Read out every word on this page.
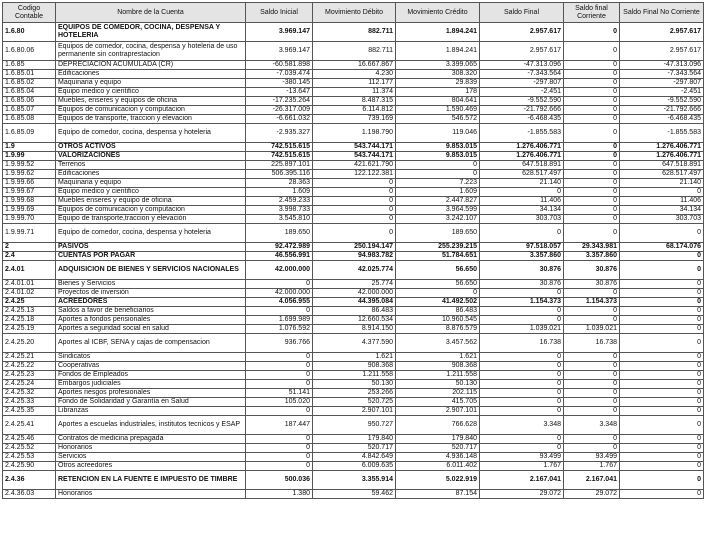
Codigo Contable	Nombre de la Cuenta	Saldo Inicial	Movimiento Débito	Movimiento Crédito	Saldo Final	Saldo final Corriente	Saldo Final No Corriente
1.6.80	EQUIPOS DE COMEDOR, COCINA, DESPENSA Y HOTELERIA	3.969.147	882.711	1.894.241	2.957.617	0	2.957.617
1.6.80.06	Equipos de comedor, cocina, despensa y hoteleria de uso permanente sin contraprestacion	3.969.147	882.711	1.894.241	2.957.617	0	2.957.617
1.6.85	DEPRECIACION ACUMULADA (CR)	-60.581.898	16.667.867	3.399.065	-47.313.096	0	-47.313.096
1.6.85.01	Edificaciones	-7.039.474	4.230	308.320	-7.343.564	0	-7.343.564
1.6.85.02	Maquinaria y equipo	-380.145	112.177	29.839	-297.807	0	-297.807
1.6.85.04	Equipo medico y cientifico	-13.647	11.374	178	-2.451	0	-2.451
1.6.85.06	Muebles, enseres y equipos de oficina	-17.235.264	8.487.315	804.641	-9.552.590	0	-9.552.590
1.6.85.07	Equipos de comunicacion y computacion	-26.317.009	6.114.812	1.590.469	-21.792.666	0	-21.792.666
1.6.85.08	Equipos de transporte, traccion y elevacion	-6.661.032	739.169	546.572	-6.468.435	0	-6.468.435
1.6.85.09	Equipo de comedor, cocina, despensa y hoteleria	-2.935.327	1.198.790	119.046	-1.855.583	0	-1.855.583
1.9	OTROS ACTIVOS	742.515.615	543.744.171	9.853.015	1.276.406.771	0	1.276.406.771
1.9.99	VALORIZACIONES	742.515.615	543.744.171	9.853.015	1.276.406.771	0	1.276.406.771
1.9.99.52	Terrenos	225.897.101	421.621.790	0	647.518.891	0	647.518.891
1.9.99.62	Edificaciones	506.395.116	122.122.381	0	628.517.497	0	628.517.497
1.9.99.66	Maquinaria y equipo	28.363	0	7.223	21.140	0	21.140
1.9.99.67	Equipo medico y cientifico	1.609	0	1.609	0	0	0
1.9.99.68	Muebles enseres y equipo de oficina	2.459.233	0	2.447.827	11.406	0	11.406
1.9.99.69	Equipos de comunicacion y computacion	3.998.733	0	3.964.599	34.134	0	34.134
1.9.99.70	Equipo de transporte,traccion y elevación	3.545.810	0	3.242.107	303.703	0	303.703
1.9.99.71	Equipo de comedor, cocina, despensa y hoteleria	189.650	0	189.650	0	0	0
2	PASIVOS	92.472.989	250.194.147	255.239.215	97.518.057	29.343.981	68.174.076
2.4	CUENTAS POR PAGAR	46.556.991	94.983.782	51.784.651	3.357.860	3.357.860	0
2.4.01	ADQUISICION DE BIENES Y SERVICIOS NACIONALES	42.000.000	42.025.774	56.650	30.876	30.876	0
2.4.01.01	Bienes y Servicios	0	25.774	56.650	30.876	30.876	0
2.4.01.02	Proyectos de inversión	42.000.000	42.000.000	0	0	0	0
2.4.25	ACREEDORES	4.056.955	44.395.084	41.492.502	1.154.373	1.154.373	0
2.4.25.13	Saldos a favor de beneficiarios	0	86.483	86.483	0	0	0
2.4.25.18	Aportes a fondos pensionales	1.699.989	12.660.534	10.960.545	0	0	0
2.4.25.19	Aportes a seguridad social en salud	1.076.592	8.914.150	8.876.579	1.039.021	1.039.021	0
2.4.25.20	Aportes al ICBF, SENA y cajas de compensacion	936.766	4.377.590	3.457.562	16.738	16.738	0
2.4.25.21	Sindicatos	0	1.621	1.621	0	0	0
2.4.25.22	Cooperativas	0	908.368	908.368	0	0	0
2.4.25.23	Fondos de Empleados	0	1.211.558	1.211.558	0	0	0
2.4.25.24	Embargos judiciales	0	50.130	50.130	0	0	0
2.4.25.32	Aportes riesgos profesionales	51.141	253.266	202.115	0	0	0
2.4.25.33	Fondo de Solidaridad y Garantía en Salud	105.020	520.725	415.705	0	0	0
2.4.25.35	Libranzas	0	2.907.101	2.907.101	0	0	0
2.4.25.41	Aportes a escuelas industriales, institutos tecnicos y ESAP	187.447	950.727	766.628	3.348	3.348	0
2.4.25.46	Contratos de medicina prepagada	0	179.840	179.840	0	0	0
2.4.25.52	Honorarios	0	520.717	520.717	0	0	0
2.4.25.53	Servicios	0	4.842.649	4.936.148	93.499	93.499	0
2.4.25.90	Otros acreedores	0	6.009.635	6.011.402	1.767	1.767	0
2.4.36	RETENCION EN LA FUENTE E IMPUESTO DE TIMBRE	500.036	3.355.914	5.022.919	2.167.041	2.167.041	0
2.4.36.03	Honorarios	1.380	59.462	87.154	29.072	29.072	0
